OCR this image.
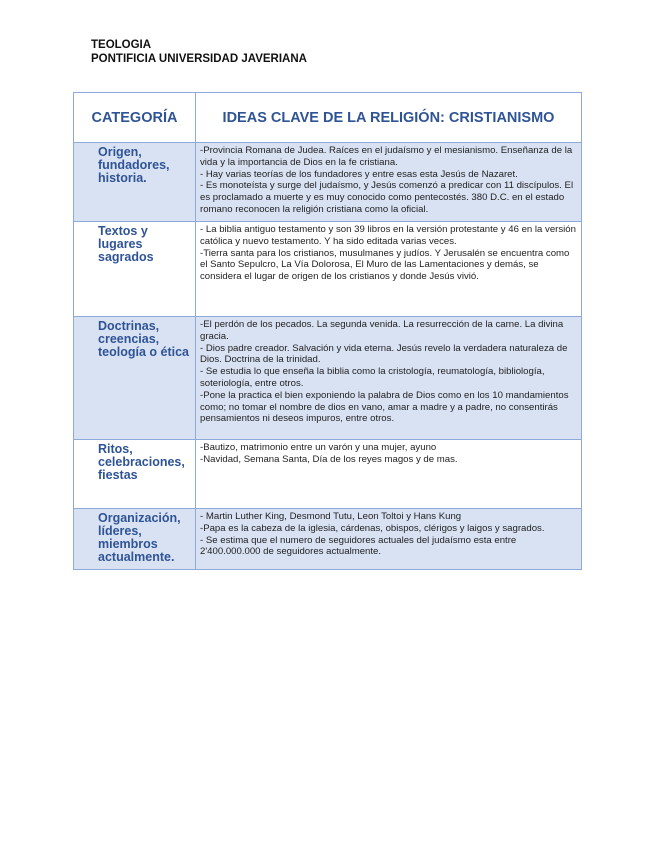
TEOLOGIA
PONTIFICIA UNIVERSIDAD JAVERIANA
CATEGORÍA	IDEAS CLAVE DE LA RELIGIÓN: CRISTIANISMO

Origen, fundadores, historia.	-Provincia Romana de Judea. Raíces en el judaísmo y el mesianismo. Enseñanza de la vida y la importancia de Dios en la fe cristiana.
- Hay varias teorías de los fundadores y entre esas esta Jesús de Nazaret.
- Es monoteísta y surge del judaísmo, y Jesús comenzó a predicar con 11 discípulos. El es proclamado a muerte y es muy conocido como pentecostés. 380 D.C. en el estado romano reconocen la religión cristiana como la oficial.

Textos y lugares sagrados	- La biblia antiguo testamento y son 39 libros en la versión protestante y 46 en la versión católica y nuevo testamento. Y ha sido editada varias veces.
-Tierra santa para los cristianos, musulmanes y judíos. Y Jerusalén se encuentra como el Santo Sepulcro, La Vía Dolorosa, El Muro de las Lamentaciones y demás, se considera el lugar de origen de los cristianos y donde Jesús vivió.

Doctrinas, creencias, teología o ética	-El perdón de los pecados. La segunda venida. La resurrección de la carne. La divina gracia.
- Dios padre creador. Salvación y vida eterna. Jesús revelo la verdadera naturaleza de Dios. Doctrina de la trinidad.
- Se estudia lo que enseña la biblia como la cristología, reumatología, bibliología, soteriología, entre otros.
-Pone la practica el bien exponiendo la palabra de Dios como en los 10 mandamientos como; no tomar el nombre de dios en vano, amar a madre y a padre, no consentirás pensamientos ni deseos impuros, entre otros.

Ritos, celebraciones, fiestas	-Bautizo, matrimonio entre un varón y una mujer, ayuno
-Navidad, Semana Santa, Día de los reyes magos y de mas.

Organización, líderes, miembros actualmente.	- Martin Luther King, Desmond Tutu, Leon Toltoi y Hans Kung
-Papa es la cabeza de la iglesia, cárdenas, obispos, clérigos y laigos y sagrados.
- Se estima que el numero de seguidores actuales del judaísmo esta entre 2'400.000.000 de seguidores actualmente.
